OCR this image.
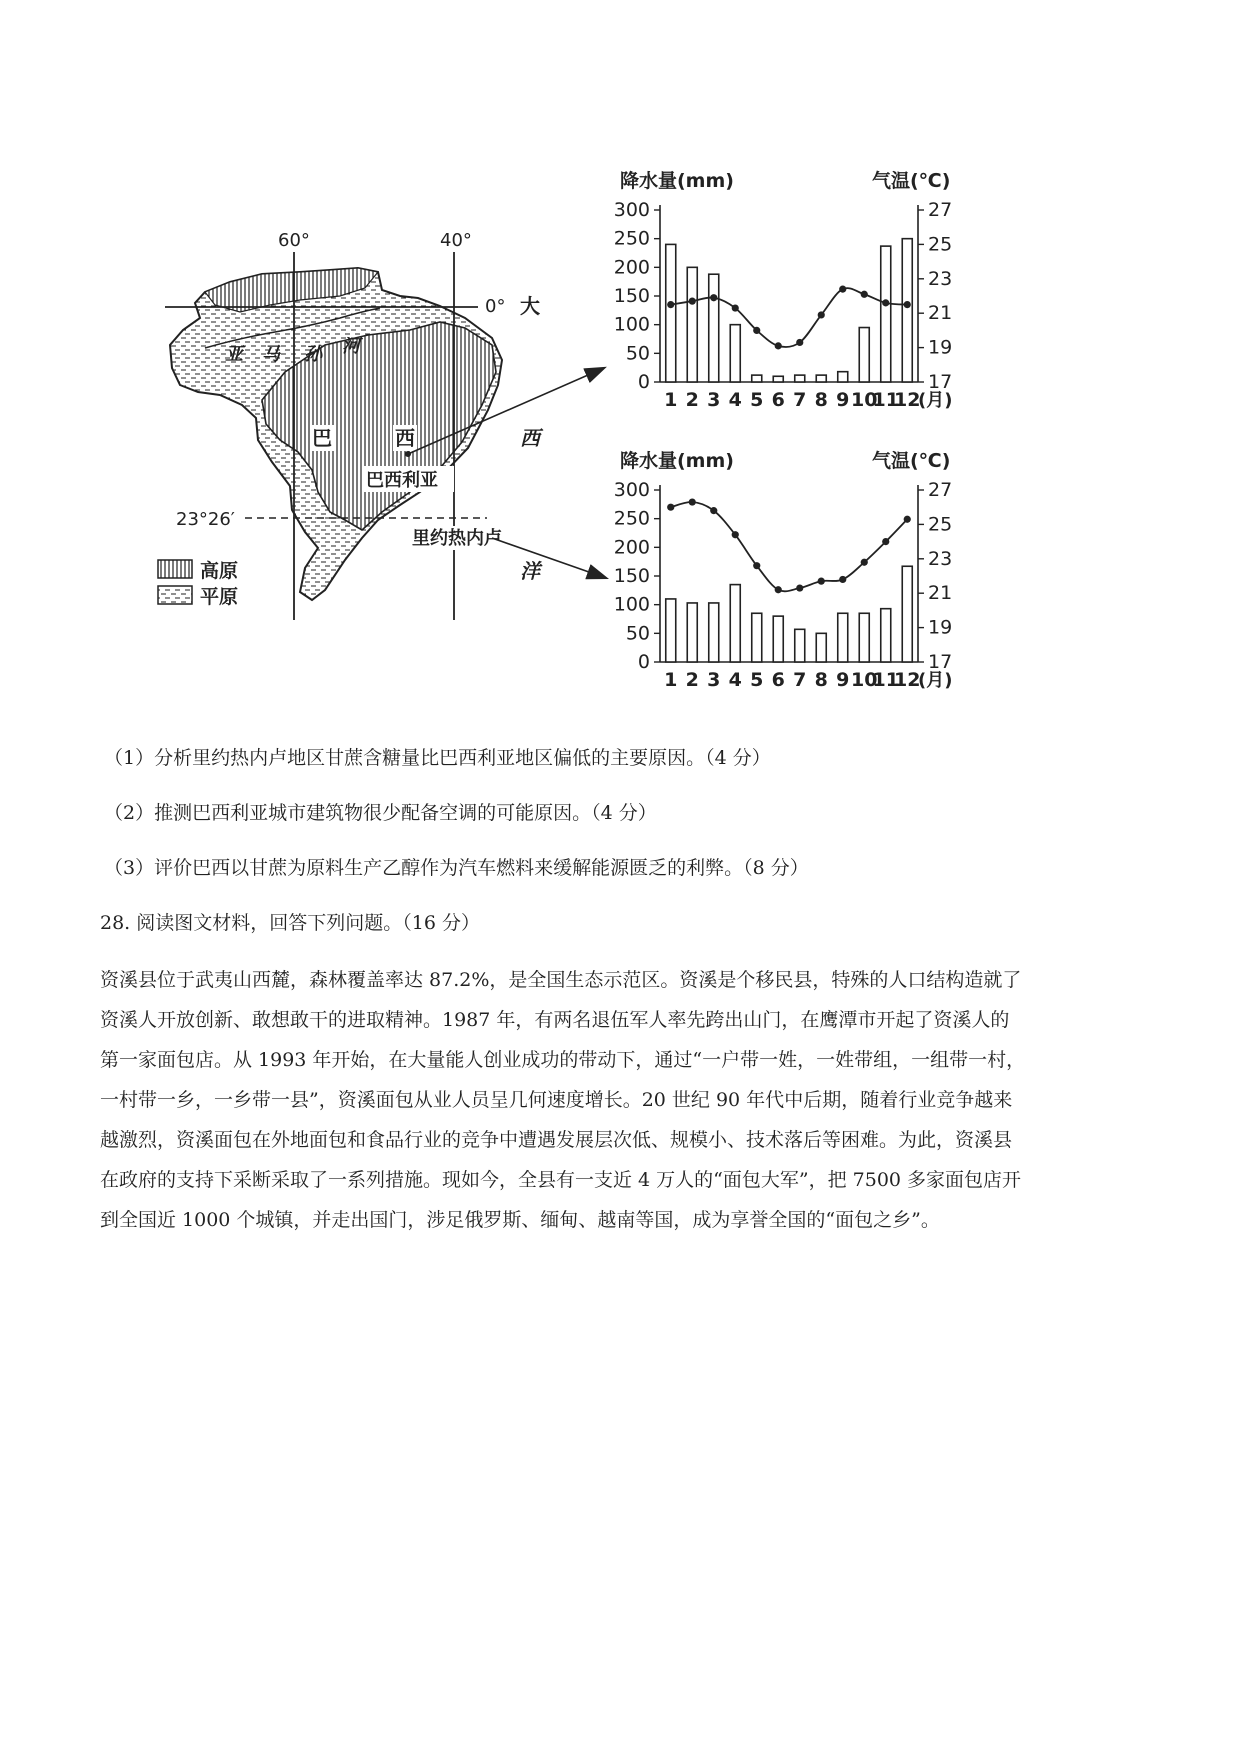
60°	40°
0°
23°26′
大
西
洋
亚 马 孙 河
巴	西
巴西利亚
里约热内卢
高原
平原
降水量(mm)	气温(℃)
0
50
100
150
200
250
300
17
19
21
23
25
27
1 2 3 4 5 6 7 8 9 10
11
12
(月)
降水量(mm)	气温(℃)
0
50
100
150
200
250
300
17
19
21
23
25
27
1 2 3 4 5 6 7 8 9 10
11
12
(月)
（1）分析里约热内卢地区甘蔗含糖量比巴西利亚地区偏低的主要原因。（4 分）
（2）推测巴西利亚城市建筑物很少配备空调的可能原因。（4 分）
（3）评价巴西以甘蔗为原料生产乙醇作为汽车燃料来缓解能源匮乏的利弊。（8 分）
28. 阅读图文材料，回答下列问题。（16 分）
资溪县位于武夷山西麓，森林覆盖率达 87.2%，是全国生态示范区。资溪是个移民县，特殊的人口结构造就了
资溪人开放创新、敢想敢干的进取精神。1987 年，有两名退伍军人率先跨出山门，在鹰潭市开起了资溪人的
第一家面包店。从 1993 年开始，在大量能人创业成功的带动下，通过“一户带一姓，一姓带组，一组带一村，
一村带一乡，一乡带一县”，资溪面包从业人员呈几何速度增长。20 世纪 90 年代中后期，随着行业竞争越来
越激烈，资溪面包在外地面包和食品行业的竞争中遭遇发展层次低、规模小、技术落后等困难。为此，资溪县
在政府的支持下采断采取了一系列措施。现如今，全县有一支近 4 万人的“面包大军”，把 7500 多家面包店开
到全国近 1000 个城镇，并走出国门，涉足俄罗斯、缅甸、越南等国，成为享誉全国的“面包之乡”。
